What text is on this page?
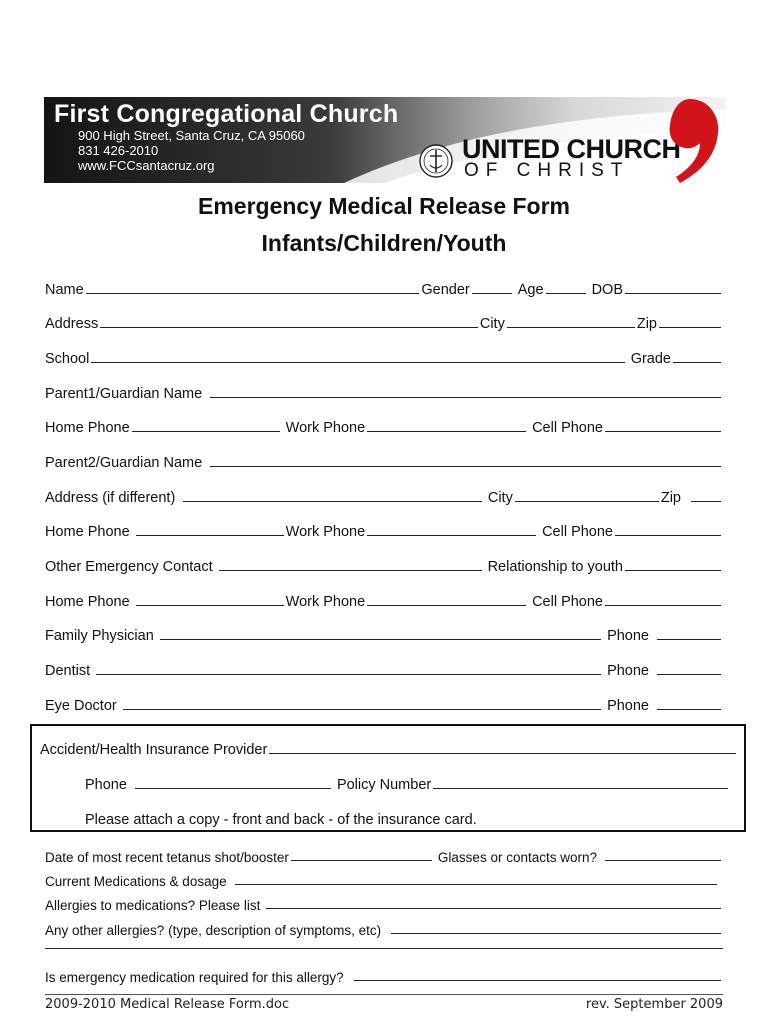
First Congregational Church
900 High Street, Santa Cruz, CA 95060
831 426-2010
www.FCCsantacruz.org
UNITED CHURCH
OF CHRIST
Emergency Medical Release Form
Infants/Children/Youth
Name	Gender	Age	DOB
Address	City	Zip
School	Grade
Parent1/Guardian Name
Home Phone	Work Phone	Cell Phone
Parent2/Guardian Name
Address (if different)	City	Zip
Home Phone	Work Phone	Cell Phone
Other Emergency Contact	Relationship to youth
Home Phone	Work Phone	Cell Phone
Family Physician	Phone
Dentist	Phone
Eye Doctor	Phone
Accident/Health Insurance Provider
Phone	Policy Number
Please attach a copy - front and back - of the insurance card.
Date of most recent tetanus shot/booster	Glasses or contacts worn?
Current Medications & dosage
Allergies to medications? Please list
Any other allergies? (type, description of symptoms, etc)
Is emergency medication required for this allergy?
2009-2010 Medical Release Form.doc	rev. September 2009
